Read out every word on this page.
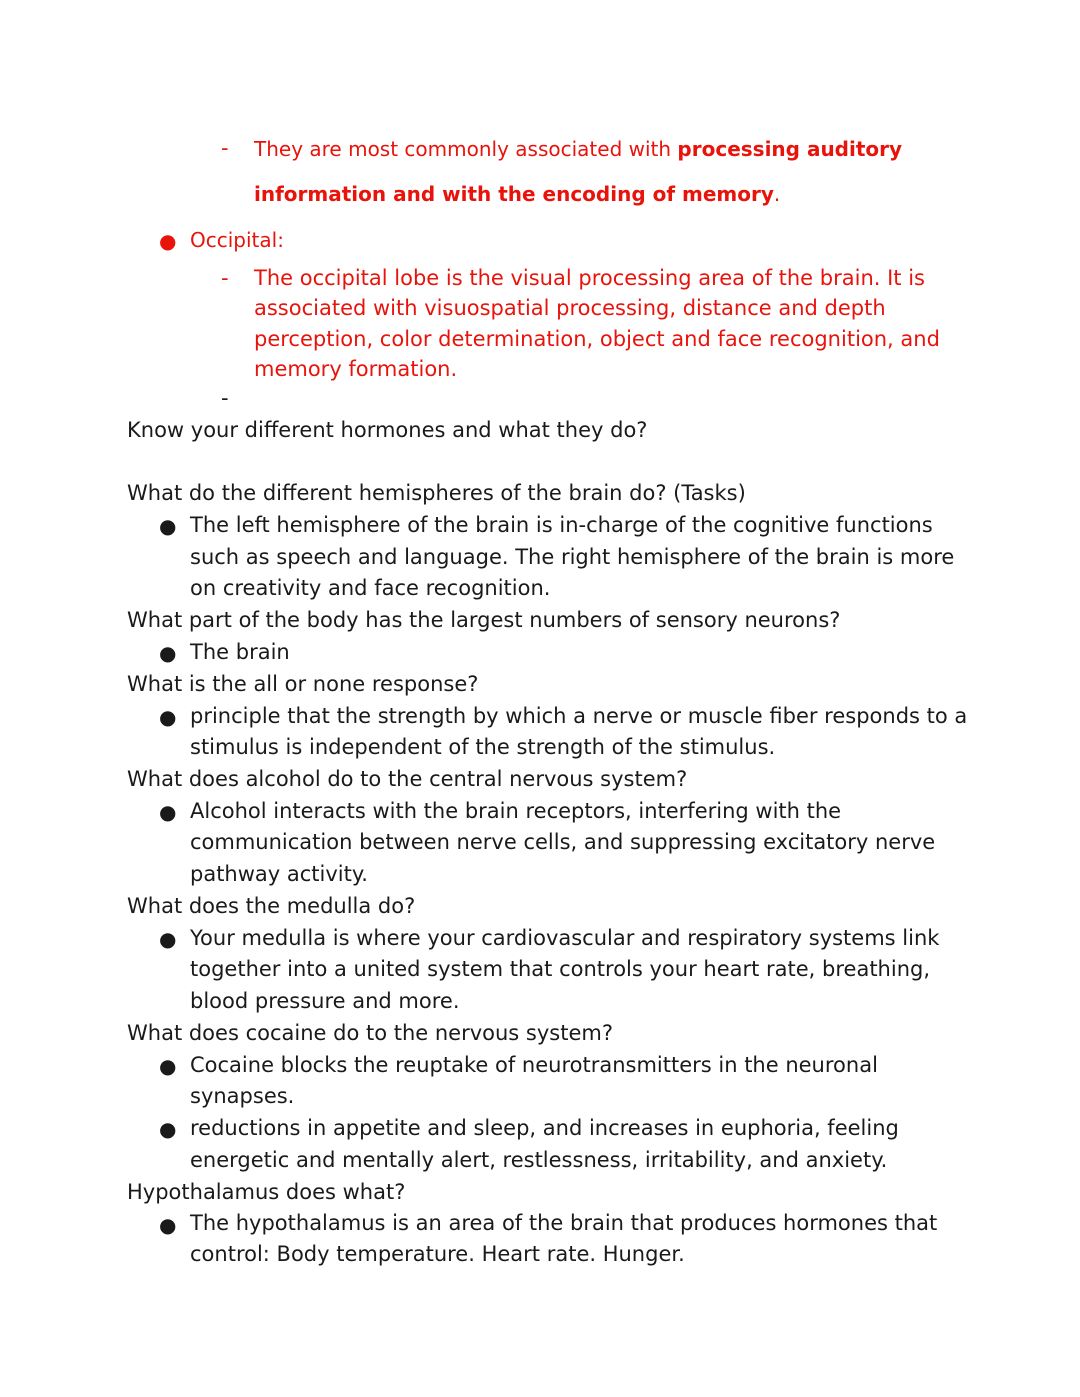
- They are most commonly associated with processing auditory
information and with the encoding of memory.
● Occipital:
- The occipital lobe is the visual processing area of the brain. It is
associated with visuospatial processing, distance and depth
perception, color determination, object and face recognition, and
memory formation.
-
Know your different hormones and what they do?
What do the different hemispheres of the brain do? (Tasks)
● The left hemisphere of the brain is in-charge of the cognitive functions
such as speech and language. The right hemisphere of the brain is more
on creativity and face recognition.
What part of the body has the largest numbers of sensory neurons?
● The brain
What is the all or none response?
● principle that the strength by which a nerve or muscle fiber responds to a
stimulus is independent of the strength of the stimulus.
What does alcohol do to the central nervous system?
● Alcohol interacts with the brain receptors, interfering with the
communication between nerve cells, and suppressing excitatory nerve
pathway activity.
What does the medulla do?
● Your medulla is where your cardiovascular and respiratory systems link
together into a united system that controls your heart rate, breathing,
blood pressure and more.
What does cocaine do to the nervous system?
● Cocaine blocks the reuptake of neurotransmitters in the neuronal
synapses.
● reductions in appetite and sleep, and increases in euphoria, feeling
energetic and mentally alert, restlessness, irritability, and anxiety.
Hypothalamus does what?
● The hypothalamus is an area of the brain that produces hormones that
control: Body temperature. Heart rate. Hunger.
